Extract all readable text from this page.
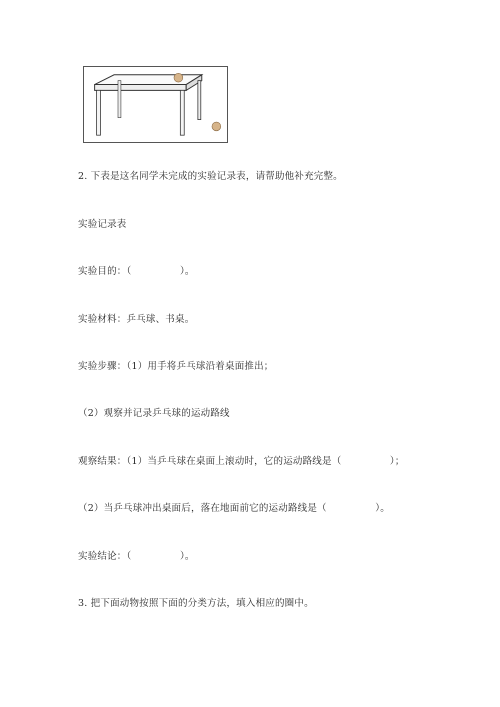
2. 下表是这名同学未完成的实验记录表，请帮助他补充完整。
实验记录表
实验目的：（　　　　　）。
实验材料：乒乓球、书桌。
实验步骤：（1）用手将乒乓球沿着桌面推出；
（2）观察并记录乒乓球的运动路线
观察结果：（1）当乒乓球在桌面上滚动时，它的运动路线是（　　　　　）；
（2）当乒乓球冲出桌面后，落在地面前它的运动路线是（　　　　　）。
实验结论：（　　　　　）。
3. 把下面动物按照下面的分类方法，填入相应的圈中。
